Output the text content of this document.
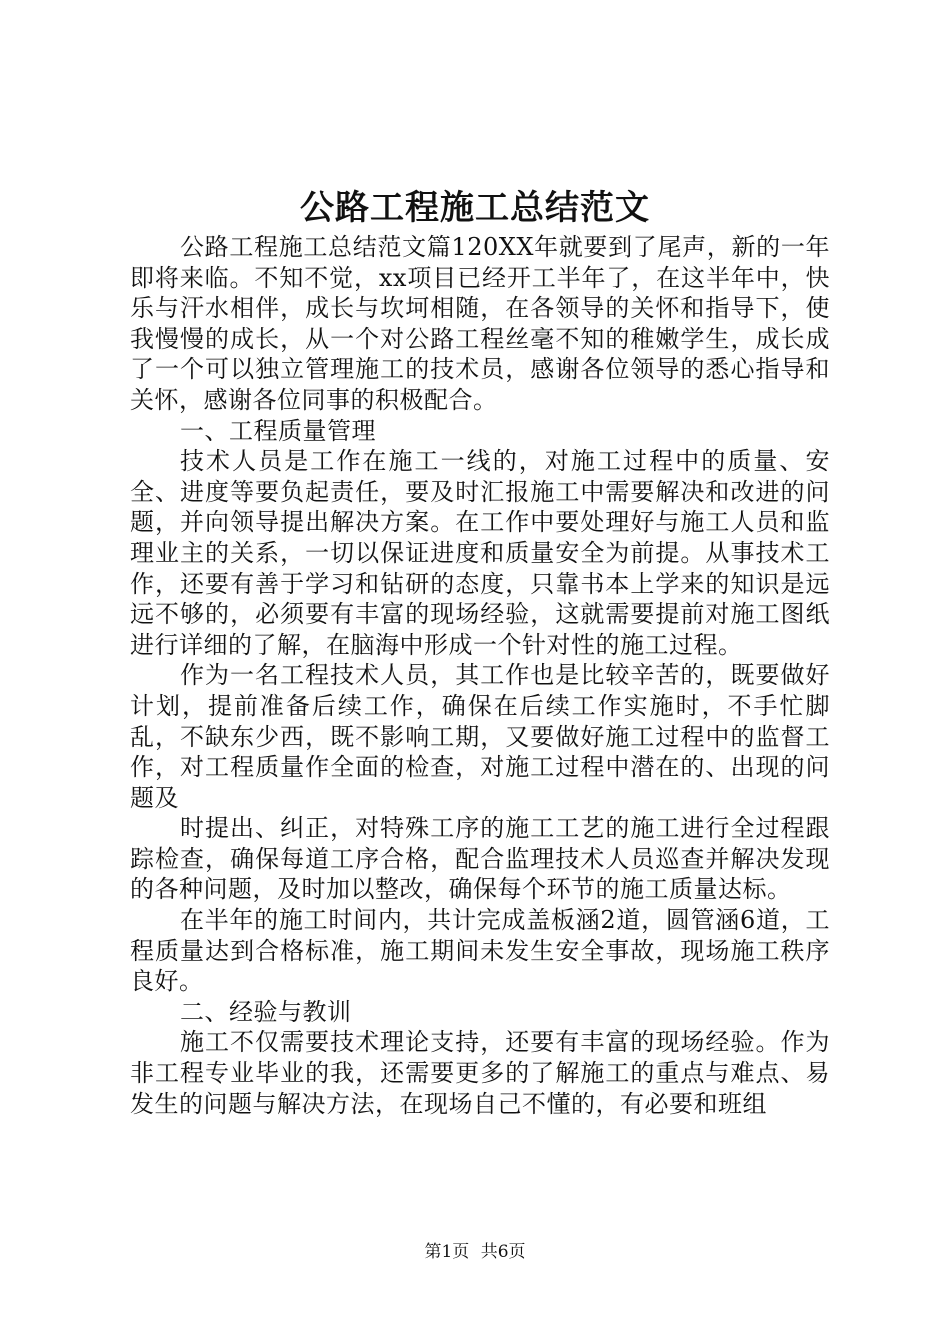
公路工程施工总结范文

公路工程施工总结范文篇120XX年就要到了尾声，新的一年即将来临。不知不觉，xx项目已经开工半年了，在这半年中，快乐与汗水相伴，成长与坎坷相随，在各领导的关怀和指导下，使我慢慢的成长，从一个对公路工程丝毫不知的稚嫩学生，成长成了一个可以独立管理施工的技术员，感谢各位领导的悉心指导和关怀，感谢各位同事的积极配合。

一、工程质量管理

技术人员是工作在施工一线的，对施工过程中的质量、安全、进度等要负起责任，要及时汇报施工中需要解决和改进的问题，并向领导提出解决方案。在工作中要处理好与施工人员和监理业主的关系，一切以保证进度和质量安全为前提。从事技术工作，还要有善于学习和钻研的态度，只靠书本上学来的知识是远远不够的，必须要有丰富的现场经验，这就需要提前对施工图纸进行详细的了解，在脑海中形成一个针对性的施工过程。

作为一名工程技术人员，其工作也是比较辛苦的，既要做好计划，提前准备后续工作，确保在后续工作实施时，不手忙脚乱，不缺东少西，既不影响工期，又要做好施工过程中的监督工作，对工程质量作全面的检查，对施工过程中潜在的、出现的问题及

时提出、纠正，对特殊工序的施工工艺的施工进行全过程跟踪检查，确保每道工序合格，配合监理技术人员巡查并解决发现的各种问题，及时加以整改，确保每个环节的施工质量达标。

在半年的施工时间内，共计完成盖板涵2道，圆管涵6道，工程质量达到合格标准，施工期间未发生安全事故，现场施工秩序良好。

二、经验与教训

施工不仅需要技术理论支持，还要有丰富的现场经验。作为非工程专业毕业的我，还需要更多的了解施工的重点与难点、易发生的问题与解决方法，在现场自己不懂的，有必要和班组

第1页 共6页
